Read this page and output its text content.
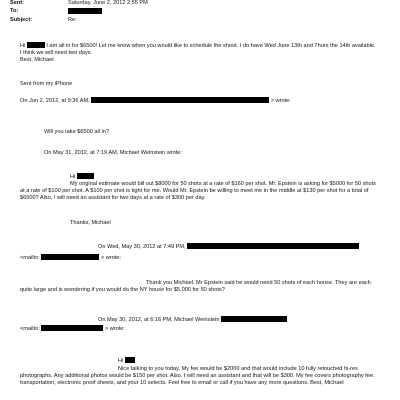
Sent:	Saturday, June 2, 2012 2:55 PM
To:
Subject:	Re:
Hi	I am all in for $6500! Let me know when you would like to schedule the shoot. I do have Wed June 13th and Thurs the 14th available. I think we will need two days.
Best, Michael
Sent from my iPhone
On Jun 2, 2012, at 9:36 AM,	> wrote:
Will you take $6500 all in?
On May 31, 2012, at 7:19 AM, Michael Weinstein wrote:
Hi
My original estimate would bill out $8000 for 50 shots at a rate of $160 per shot. Mr. Epstein is asking for $5000 for 50 shots at a rate of $100 per shot. A $100 per shot is tight for me. Would Mr. Epstein be willing to meet me in the middle at $130 per shot for a total of $6500? Also, I will need an assistant for two days at a rate of $300 per day.
Thanks, Michael
On Wed, May 30, 2012 at 7:49 PM,
<mailto:	> wrote:
Thank you Michael. Mr Epstein said he would need 50 shots of each house. They are each quite large and is wondering if you would do the NY house for $5,000 for 50 shots?
On May 30, 2012, at 6:16 PM, Michael Weinstein
<mailto:	> wrote:
Hi
Nice talking to you today. My fee would be $2000 and that would include 10 fully retouched hi-res photographs. Any additional photos would be $150 per shot. Also, I will need an assistant and that will be $300. My fee covers photography fee. transportation, electronic proof sheets, and your 10 selects. Feel free to email or call if you have any more questions. Best, Michael
